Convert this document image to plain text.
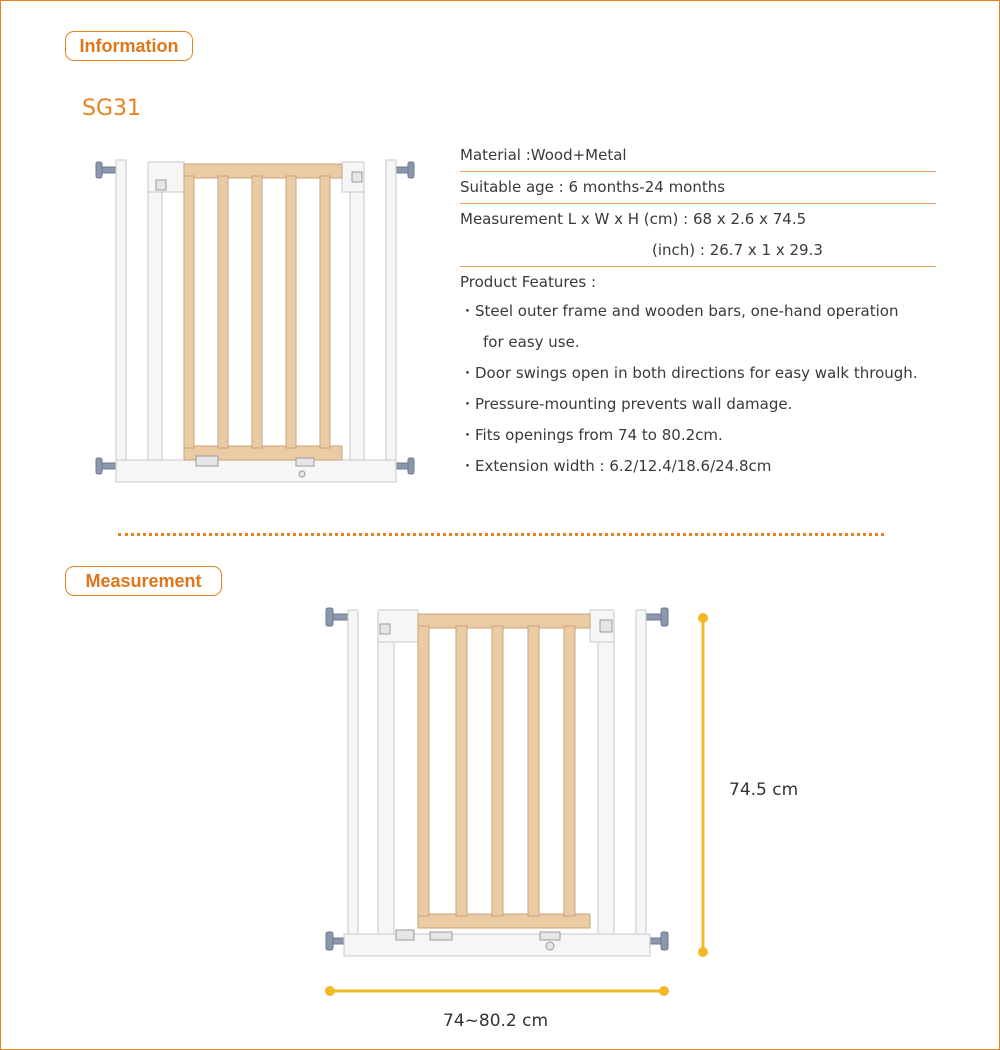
Information
SG31
Material :Wood+Metal
Suitable age : 6 months-24 months
Measurement L x W x H (cm) : 68 x 2.6 x 74.5
(inch) : 26.7 x 1 x 29.3
Product Features :
・Steel outer frame and wooden bars, one-hand operation
for easy use.
・Door swings open in both directions for easy walk through.
・Pressure-mounting prevents wall damage.
・Fits openings from 74 to 80.2cm.
・Extension width : 6.2/12.4/18.6/24.8cm
Measurement
74.5 cm
74~80.2 cm
